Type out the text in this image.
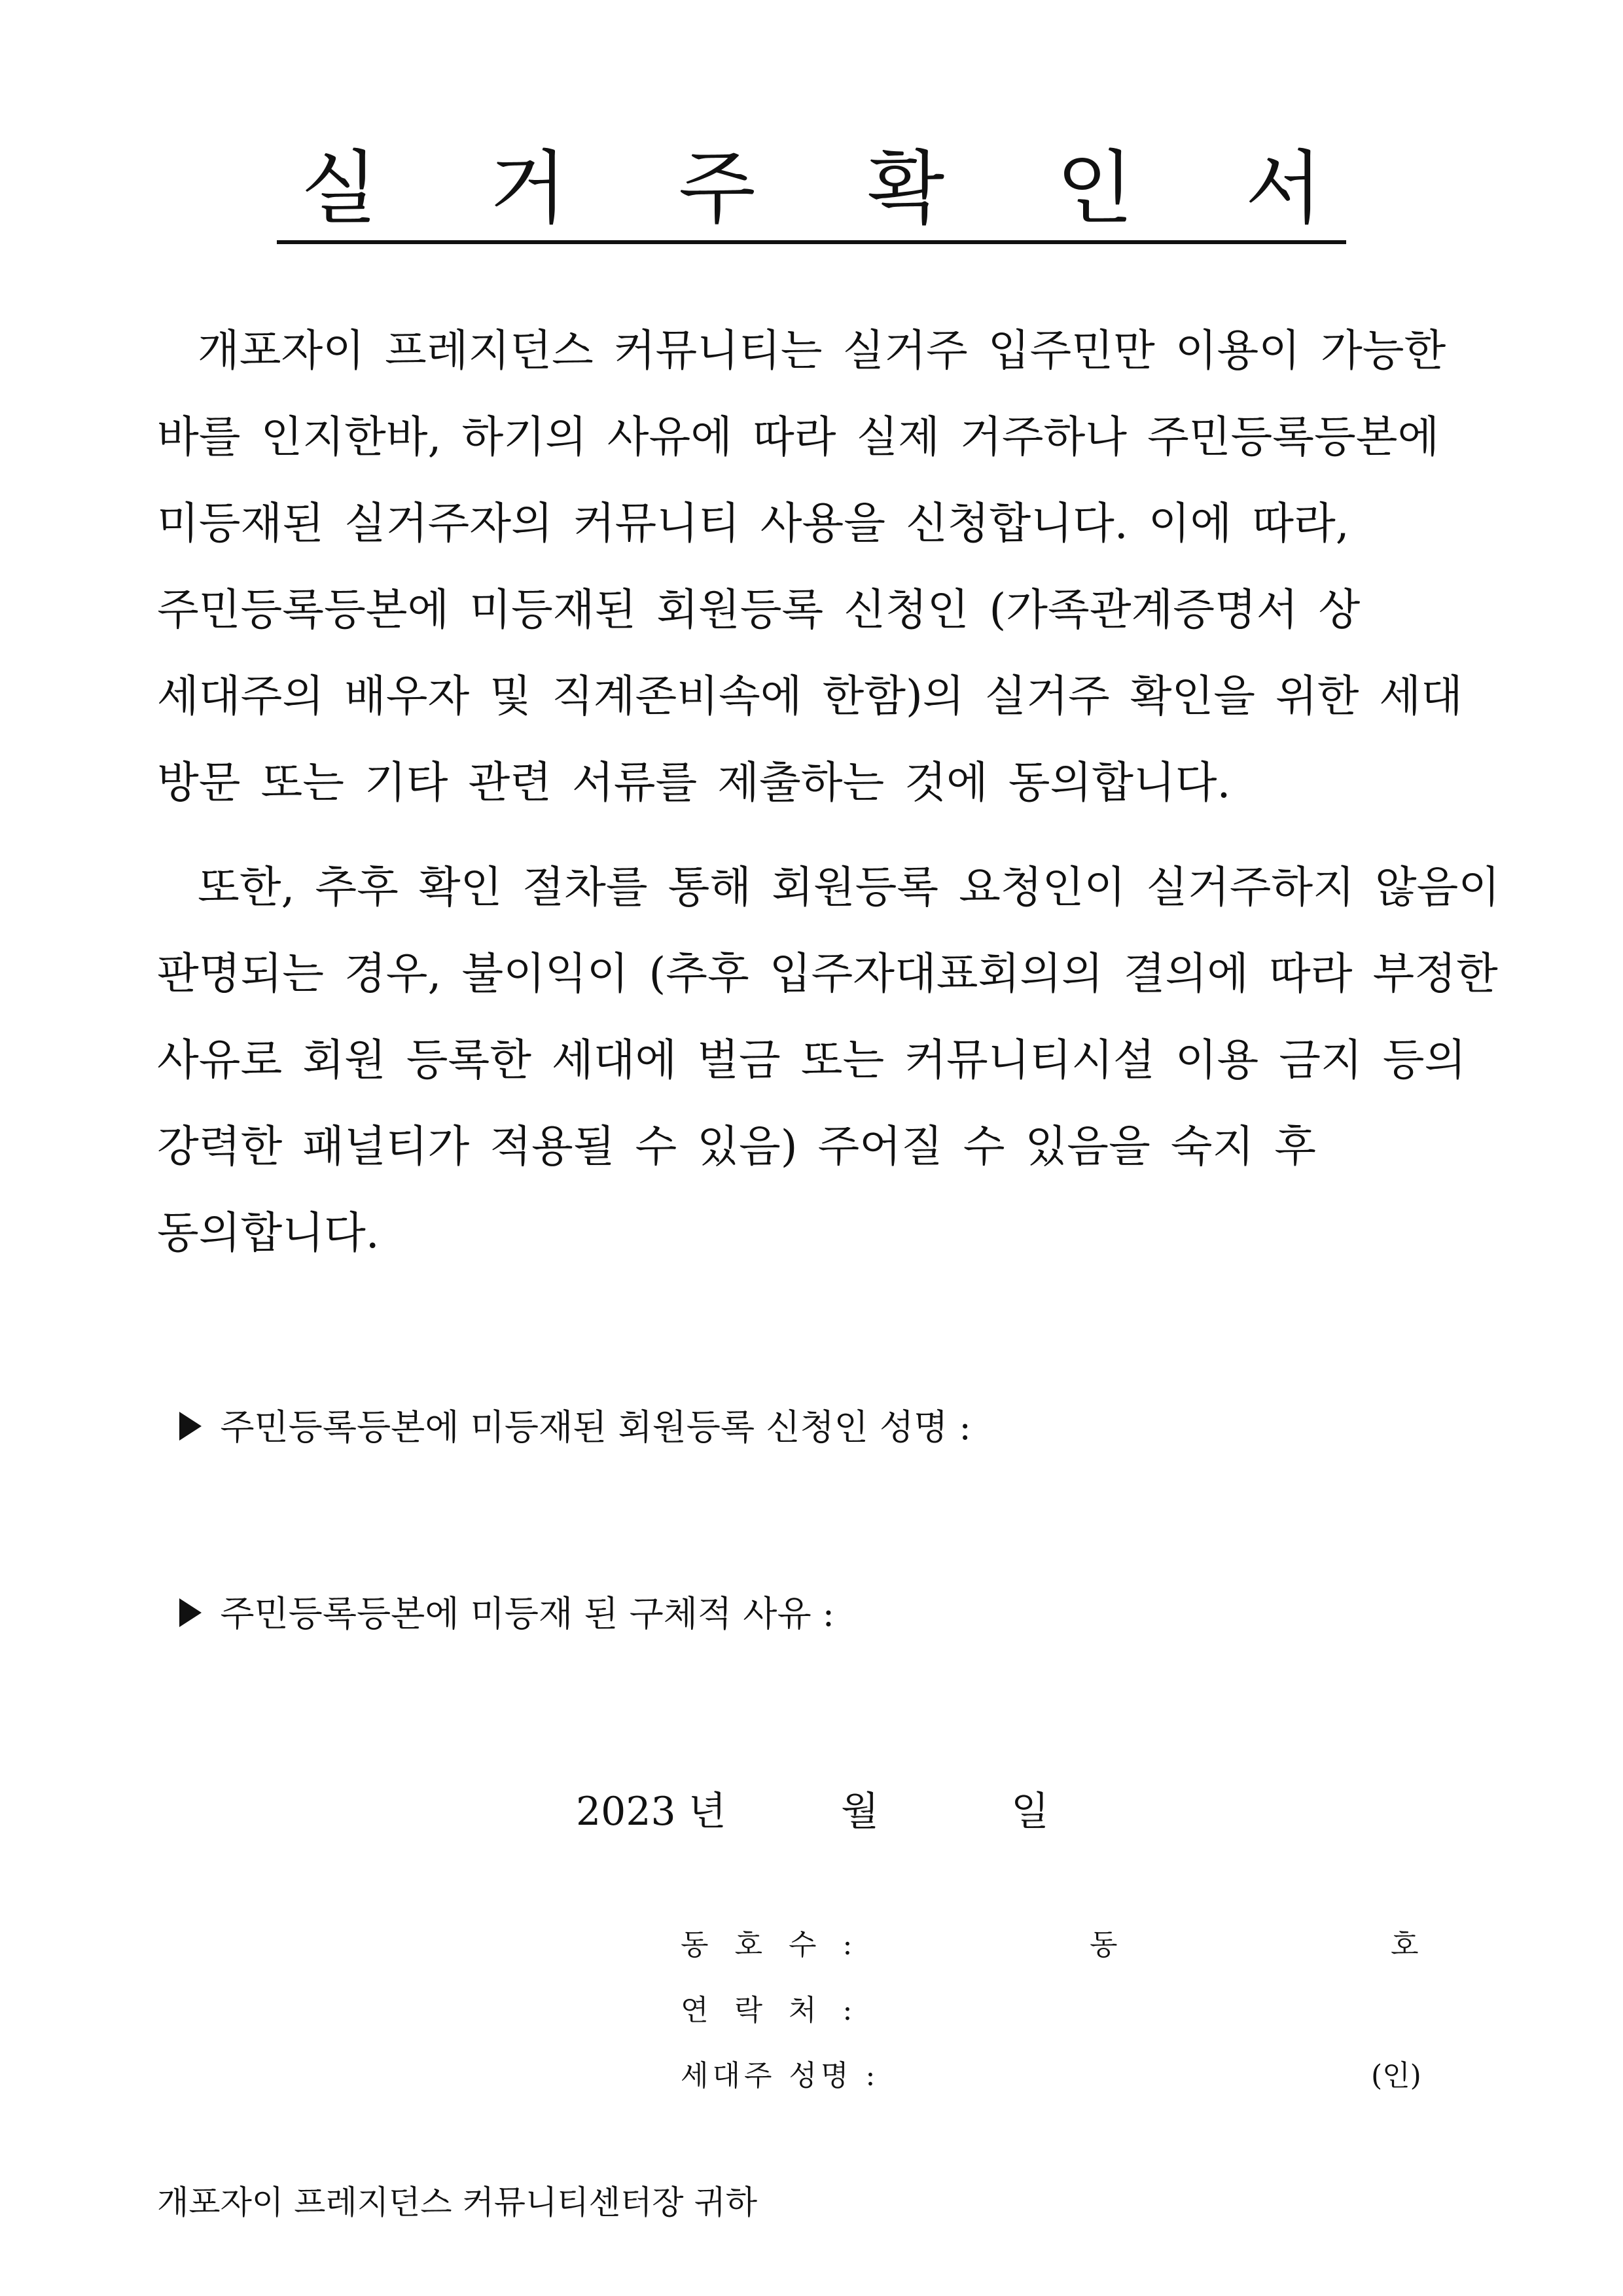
실 거 주 확 인 서
개포자이 프레지던스 커뮤니티는 실거주 입주민만 이용이 가능한
바를 인지한바, 하기의 사유에 따라 실제 거주하나 주민등록등본에
미등재된 실거주자의 커뮤니티 사용을 신청합니다. 이에 따라,
주민등록등본에 미등재된 회원등록 신청인 (가족관계증명서 상
세대주의 배우자 및 직계존비속에 한함)의 실거주 확인을 위한 세대
방문 또는 기타 관련 서류를 제출하는 것에 동의합니다.
또한, 추후 확인 절차를 통해 회원등록 요청인이 실거주하지 않음이
판명되는 경우, 불이익이 (추후 입주자대표회의의 결의에 따라 부정한
사유로 회원 등록한 세대에 벌금 또는 커뮤니티시설 이용 금지 등의
강력한 패널티가 적용될 수 있음) 주어질 수 있음을 숙지 후
동의합니다.

주민등록등본에 미등재된 회원등록 신청인 성명 :

주민등록등본에 미등재 된 구체적 사유 :

2023 년	월	일
동호수:	동	호
연락처:
세대주 성명 :	(인)
개포자이 프레지던스 커뮤니티센터장 귀하
